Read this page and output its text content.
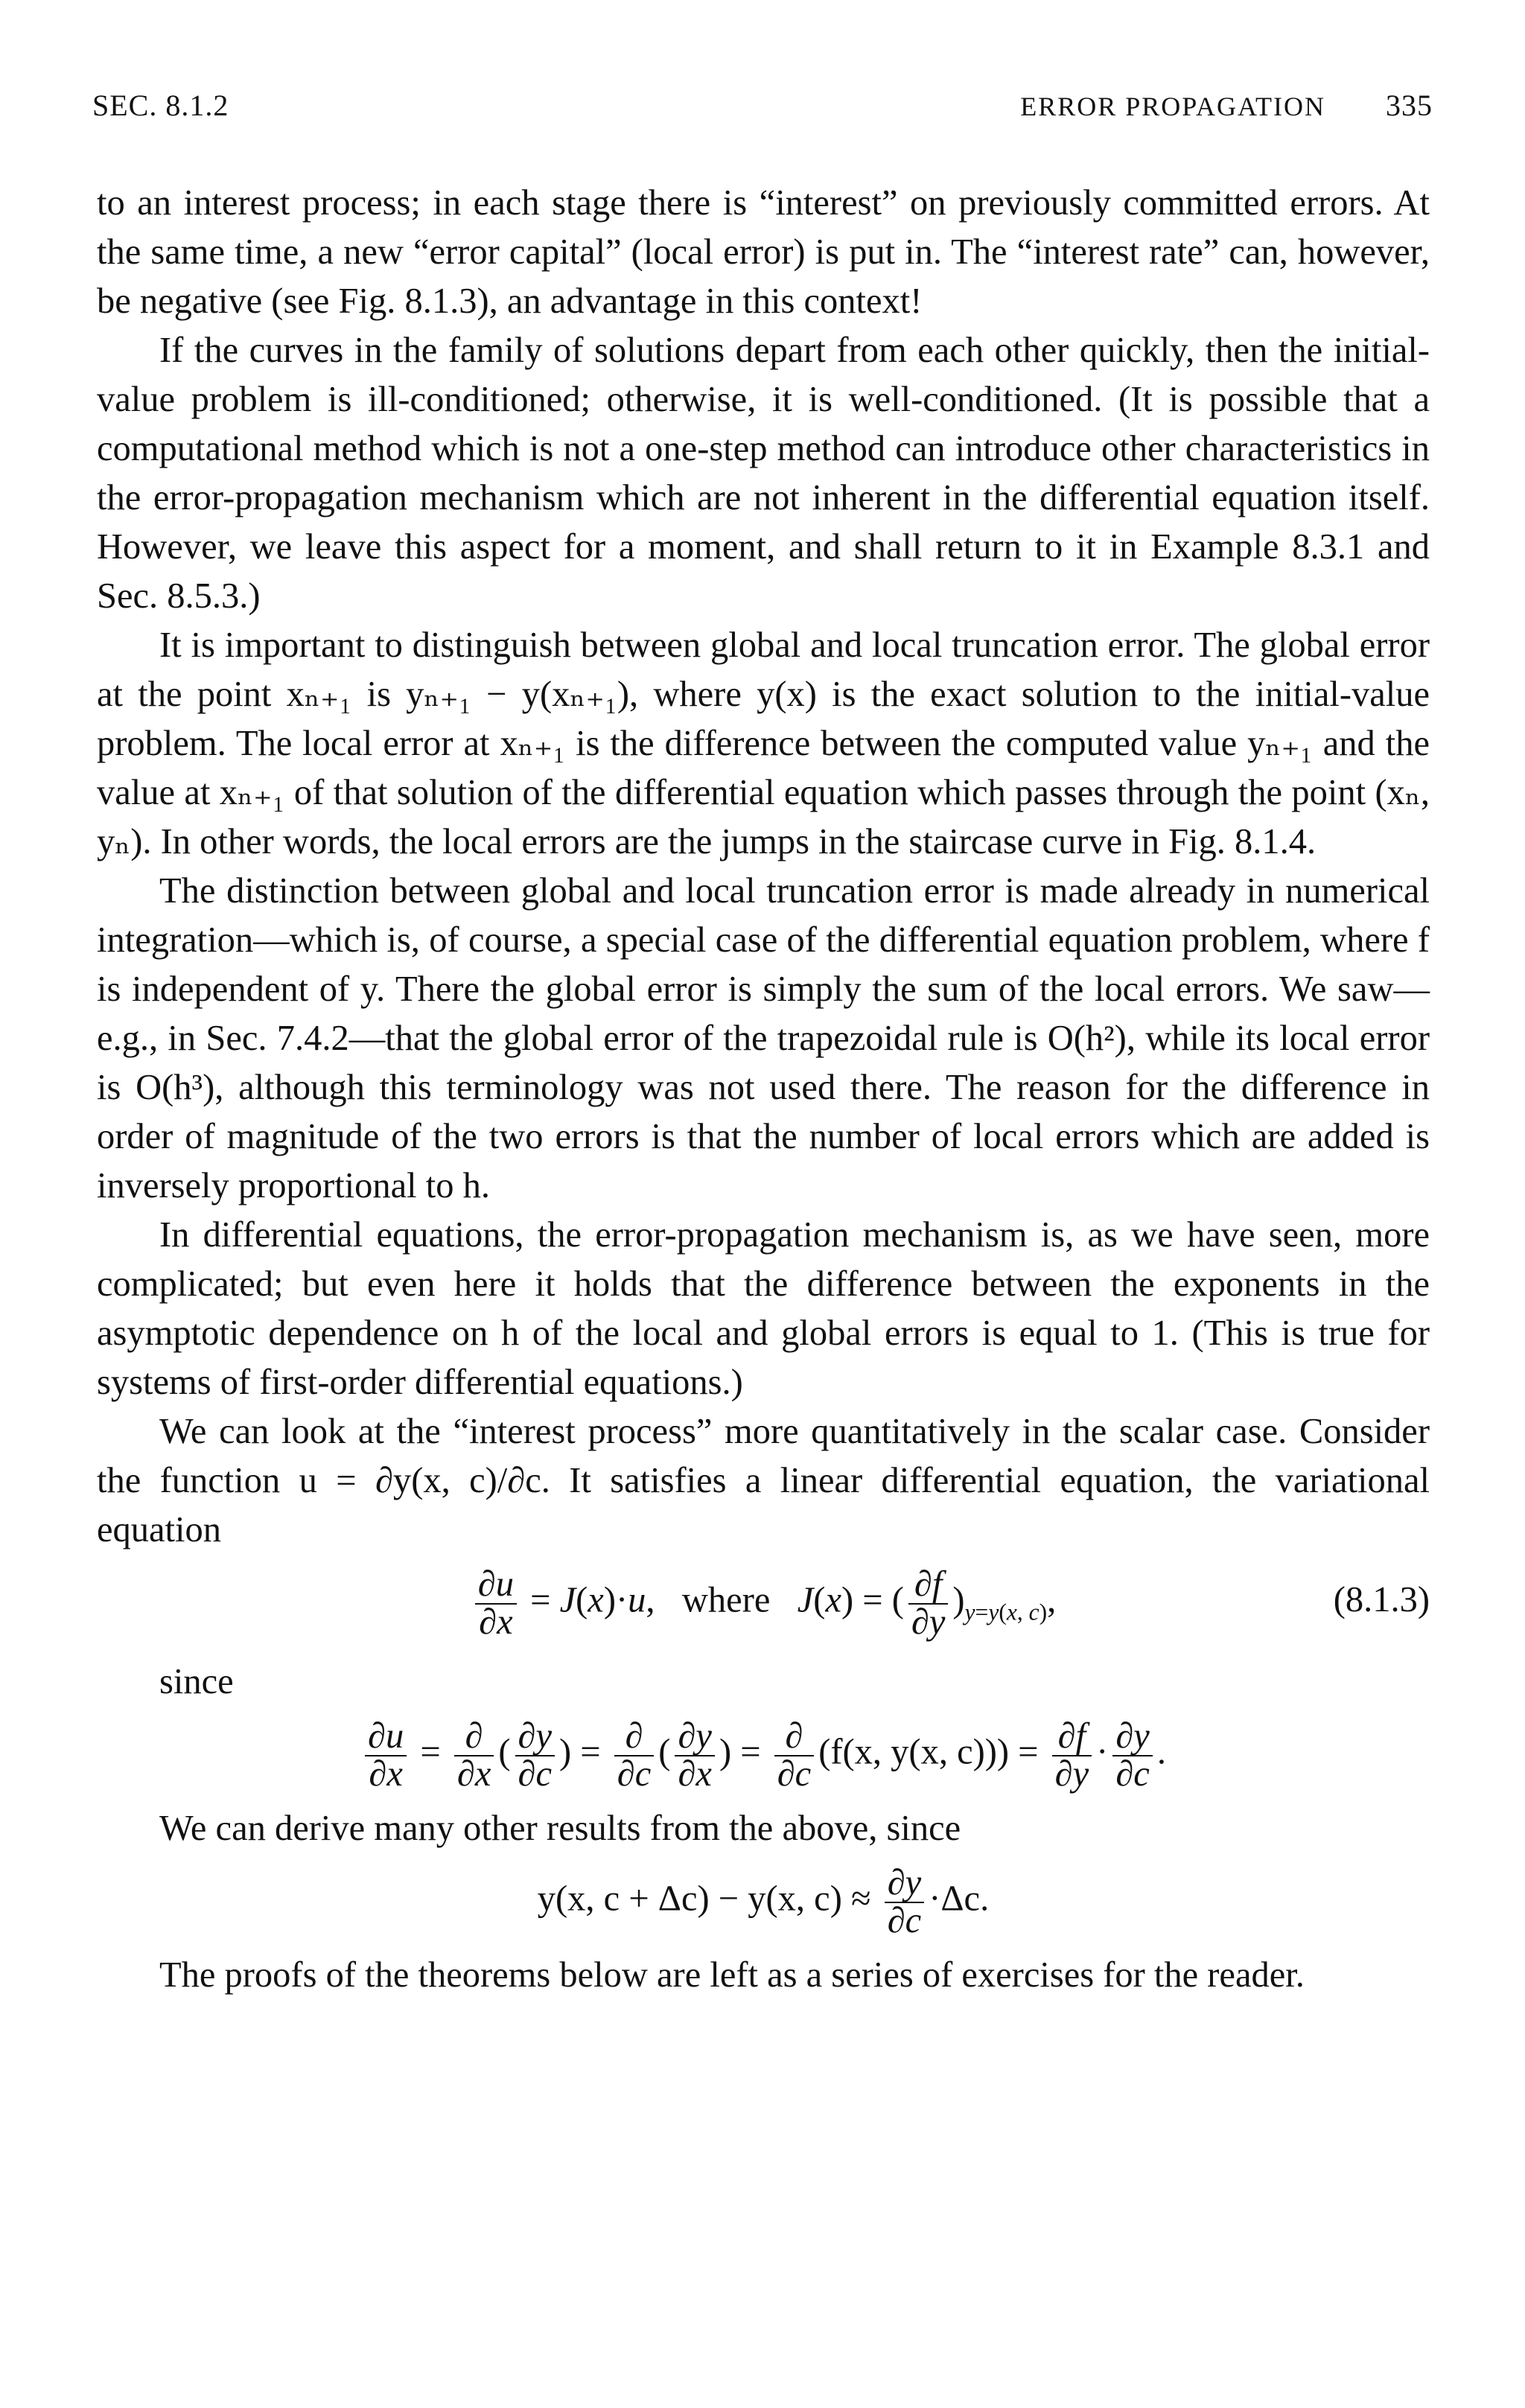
SEC. 8.1.2	ERROR PROPAGATION 335

to an interest process; in each stage there is “interest” on previously committed errors. At the same time, a new “error capital” (local error) is put in. The “interest rate” can, however, be negative (see Fig. 8.1.3), an advantage in this context!

If the curves in the family of solutions depart from each other quickly, then the initial-value problem is ill-conditioned; otherwise, it is well-conditioned. (It is possible that a computational method which is not a one-step method can introduce other characteristics in the error-propagation mechanism which are not inherent in the differential equation itself. However, we leave this aspect for a moment, and shall return to it in Example 8.3.1 and Sec. 8.5.3.)

It is important to distinguish between global and local truncation error. The global error at the point xₙ₊₁ is yₙ₊₁ − y(xₙ₊₁), where y(x) is the exact solution to the initial-value problem. The local error at xₙ₊₁ is the difference between the computed value yₙ₊₁ and the value at xₙ₊₁ of that solution of the differential equation which passes through the point (xₙ, yₙ). In other words, the local errors are the jumps in the staircase curve in Fig. 8.1.4.

The distinction between global and local truncation error is made already in numerical integration—which is, of course, a special case of the differential equation problem, where f is independent of y. There the global error is simply the sum of the local errors. We saw—e.g., in Sec. 7.4.2—that the global error of the trapezoidal rule is O(h²), while its local error is O(h³), although this terminology was not used there. The reason for the difference in order of magnitude of the two errors is that the number of local errors which are added is inversely proportional to h.

In differential equations, the error-propagation mechanism is, as we have seen, more complicated; but even here it holds that the difference between the exponents in the asymptotic dependence on h of the local and global errors is equal to 1. (This is true for systems of first-order differential equations.)

We can look at the “interest process” more quantitatively in the scalar case. Consider the function u = ∂y(x, c)/∂c. It satisfies a linear differential equation, the variational equation

$\frac{\partial u}{\partial x} = J(x)\cdot u$,   where J(x) = ( $\frac{\partial f}{\partial y} )_{y=y(x, c)}$,	(8.1.3)

since

$\frac{\partial u}{\partial x} = \frac{\partial}{\partial x}$ ( $\frac{\partial y}{\partial c}$ ) = $\frac{\partial}{\partial c}$ ( $\frac{\partial y}{\partial x}$ ) = $\frac{\partial}{\partial c} (f(x$, y(x, $c))) = \frac{\partial f}{\partial y} \cdot \frac{\partial y}{\partial c}$ .

We can derive many other results from the above, since

y(x, c + Δc) − y(x, $c) \approx \frac{\partial y}{\partial c} \cdot\Delta c$.

The proofs of the theorems below are left as a series of exercises for the reader.
